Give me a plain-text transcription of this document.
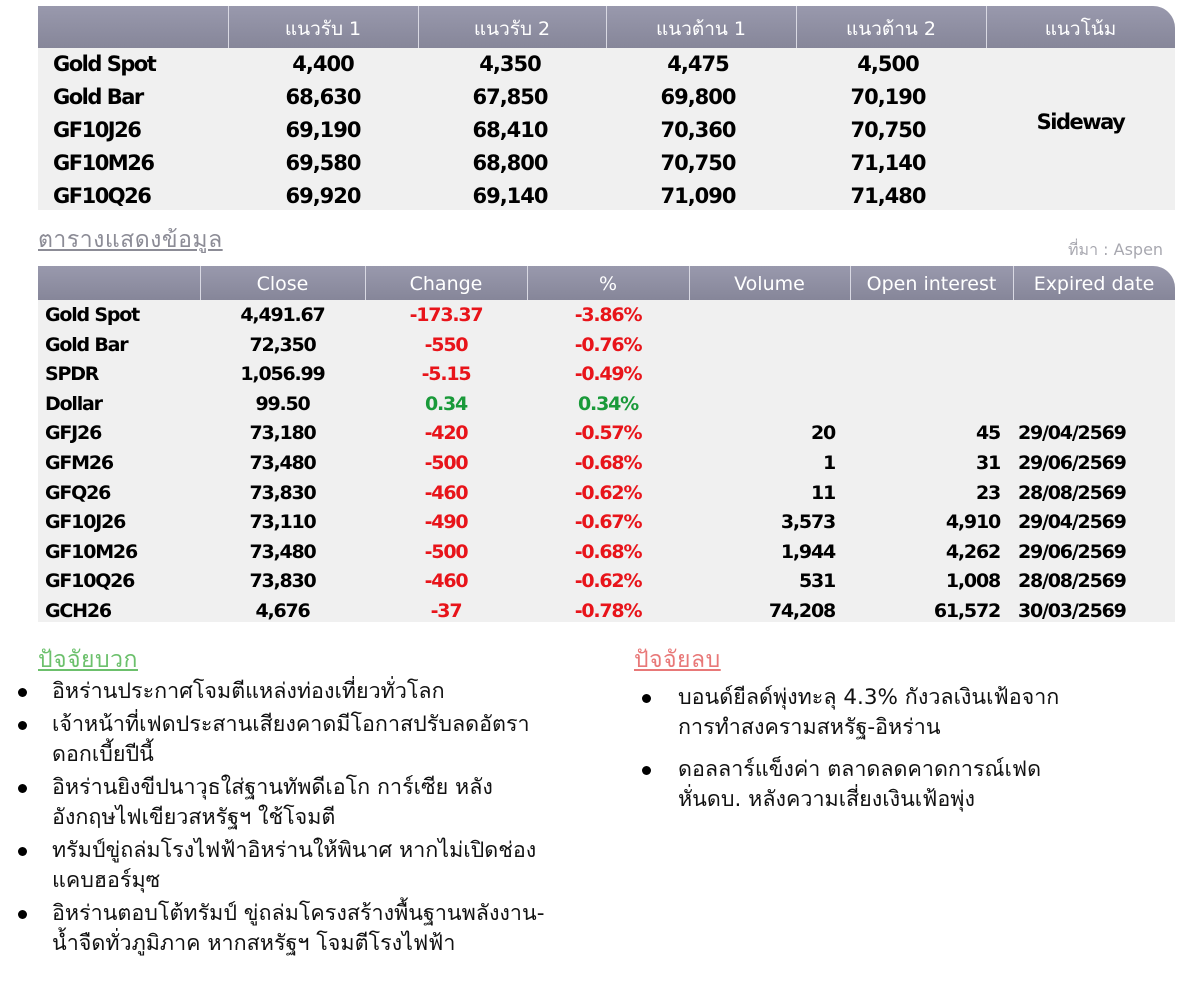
แนวรับ 1	แนวรับ 2	แนวต้าน 1	แนวต้าน 2	แนวโน้ม
Gold Spot	4,400	4,350	4,475	4,500
Gold Bar	68,630	67,850	69,800	70,190
GF10J26	69,190	68,410	70,360	70,750
GF10M26	69,580	68,800	70,750	71,140
GF10Q26	69,920	69,140	71,090	71,480
Sideway
ตารางแสดงข้อมูล	ที่มา : Aspen
Close	Change	%	Volume	Open interest	Expired date
Gold Spot	4,491.67	-173.37	-3.86%
Gold Bar	72,350	-550	-0.76%
SPDR	1,056.99	-5.15	-0.49%
Dollar	99.50	0.34	0.34%
GFJ26	73,180	-420	-0.57%	20	45 29/04/2569
GFM26	73,480	-500	-0.68%	1	31 29/06/2569
GFQ26	73,830	-460	-0.62%	11	23 28/08/2569
GF10J26	73,110	-490	-0.67%	3,573	4,910 29/04/2569
GF10M26	73,480	-500	-0.68%	1,944	4,262 29/06/2569
GF10Q26	73,830	-460	-0.62%	531	1,008 28/08/2569
GCH26	4,676	-37	-0.78%	74,208	61,572 30/03/2569
ปัจจัยบวก	ปัจจัยลบ
อิหร่านประกาศโจมตีแหล่งท่องเที่ยวทั่วโลก
เจ้าหน้าที่เฟดประสานเสียงคาดมีโอกาสปรับลดอัตรา
ดอกเบี้ยปีนี้
อิหร่านยิงขีปนาวุธใส่ฐานทัพดีเอโก การ์เซีย หลัง
อังกฤษไฟเขียวสหรัฐฯ ใช้โจมตี
ทรัมป์ขู่ถล่มโรงไฟฟ้าอิหร่านให้พินาศ หากไม่เปิดช่อง
แคบฮอร์มุซ
อิหร่านตอบโต้ทรัมป์ ขู่ถล่มโครงสร้างพื้นฐานพลังงาน-
น้ำจืดทั่วภูมิภาค หากสหรัฐฯ โจมตีโรงไฟฟ้า
บอนด์ยีลด์พุ่งทะลุ 4.3% กังวลเงินเฟ้อจาก
การทำสงครามสหรัฐ-อิหร่าน
ดอลลาร์แข็งค่า ตลาดลดคาดการณ์เฟด
หั่นดบ. หลังความเสี่ยงเงินเฟ้อพุ่ง
